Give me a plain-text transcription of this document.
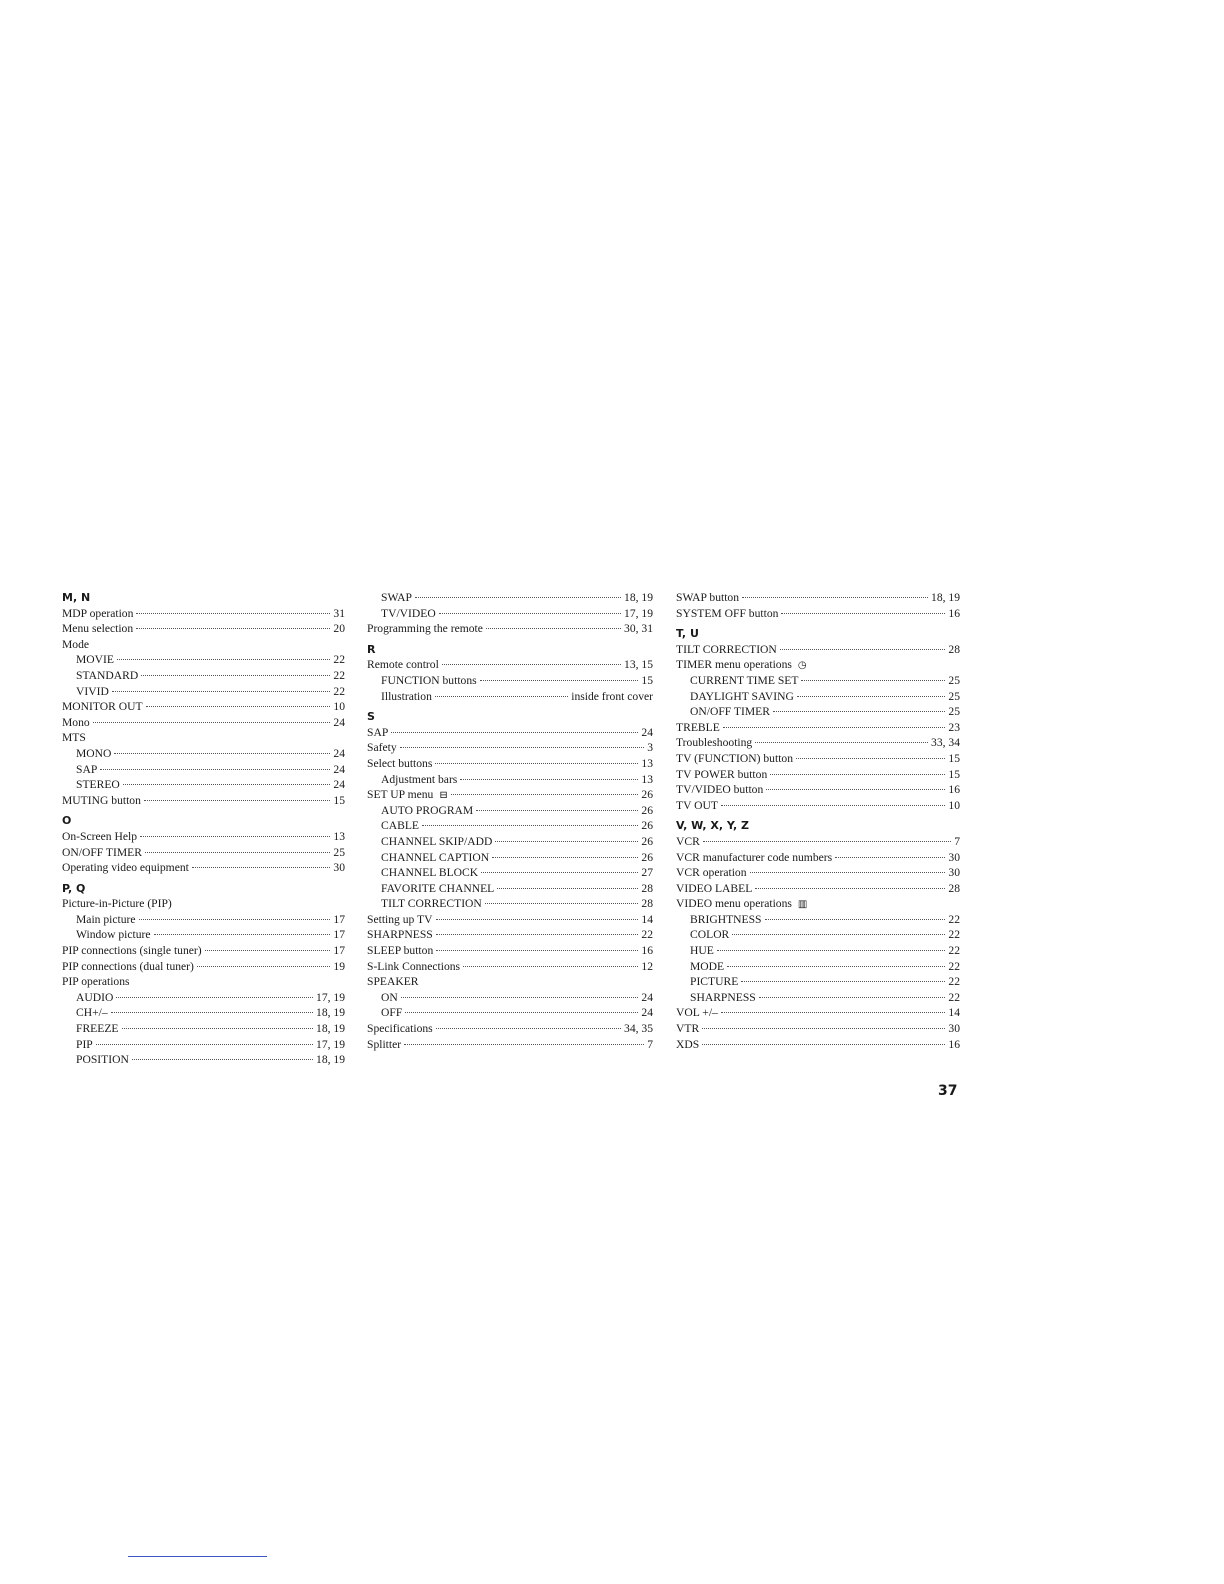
M, N
MDP operation	31
Menu selection	20
Mode
MOVIE	22
STANDARD	22
VIVID	22
MONITOR OUT	10
Mono	24
MTS
MONO	24
SAP	24
STEREO	24
MUTING button	15
O
On-Screen Help	13
ON/OFF TIMER	25
Operating video equipment	30
P, Q
Picture-in-Picture (PIP)
Main picture	17
Window picture	17
PIP connections (single tuner)	17
PIP connections (dual tuner)	19
PIP operations
AUDIO	17, 19
CH+/–	18, 19
FREEZE	18, 19
PIP	17, 19
POSITION	18, 19
SWAP	18, 19
TV/VIDEO	17, 19
Programming the remote	30, 31
R
Remote control	13, 15
FUNCTION buttons	15
Illustration	inside front cover
S
SAP	24
Safety	3
Select buttons	13
Adjustment bars	13
SET UP menu ⊟	26
AUTO PROGRAM	26
CABLE	26
CHANNEL SKIP/ADD	26
CHANNEL CAPTION	26
CHANNEL BLOCK	27
FAVORITE CHANNEL	28
TILT CORRECTION	28
Setting up TV	14
SHARPNESS	22
SLEEP button	16
S-Link Connections	12
SPEAKER
ON	24
OFF	24
Specifications	34, 35
Splitter	7
SWAP button	18, 19
SYSTEM OFF button	16
T, U
TILT CORRECTION	28
TIMER menu operations ◷
CURRENT TIME SET	25
DAYLIGHT SAVING	25
ON/OFF TIMER	25
TREBLE	23
Troubleshooting	33, 34
TV (FUNCTION) button	15
TV POWER button	15
TV/VIDEO button	16
TV OUT	10
V, W, X, Y, Z
VCR	7
VCR manufacturer code numbers	30
VCR operation	30
VIDEO LABEL	28
VIDEO menu operations ▥
BRIGHTNESS	22
COLOR	22
HUE	22
MODE	22
PICTURE	22
SHARPNESS	22
VOL +/–	14
VTR	30
XDS	16
37
